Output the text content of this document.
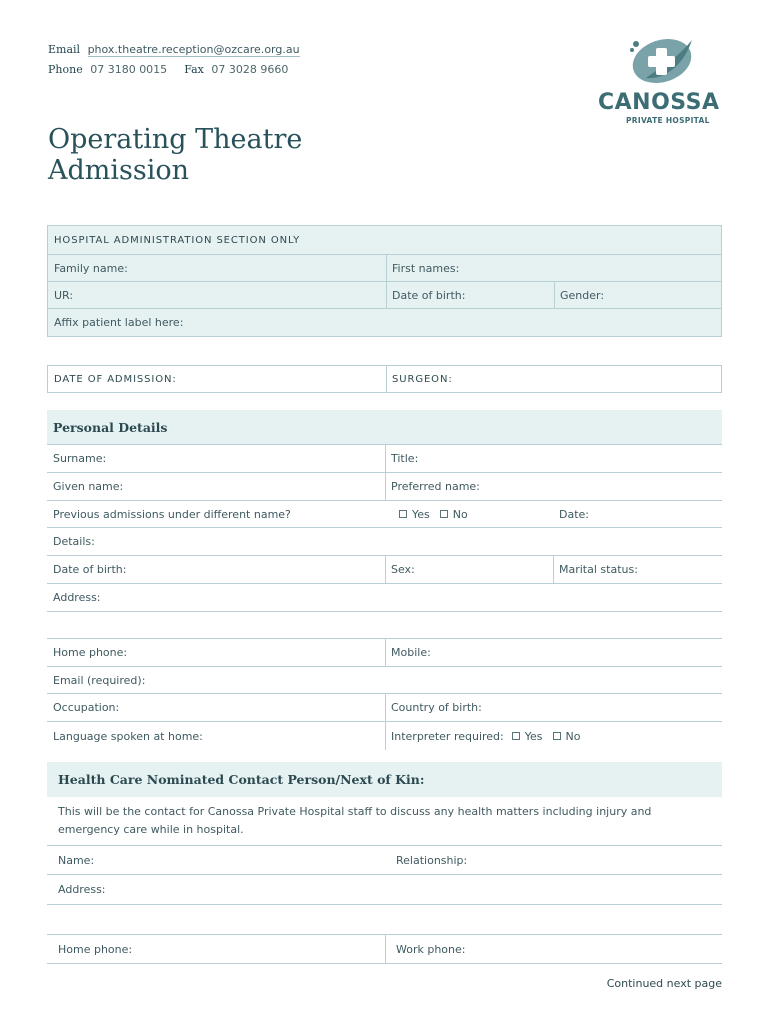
Email phox.theatre.reception@ozcare.org.au
Phone 07 3180 0015 Fax 07 3028 9660
CANOSSA
PRIVATE HOSPITAL
Operating Theatre
Admission
HOSPITAL ADMINISTRATION SECTION ONLY
Family name:	First names:
UR:	Date of birth:	Gender:
Affix patient label here:
DATE OF ADMISSION:	SURGEON:
Personal Details
Surname:	Title:
Given name:	Preferred name:
Previous admissions under different name?	Yes No	Date:
Details:
Date of birth:	Sex:	Marital status:
Address:
Home phone:	Mobile:
Email (required):
Occupation:	Country of birth:
Language spoken at home:	Interpreter required: Yes No
Health Care Nominated Contact Person/Next of Kin:
This will be the contact for Canossa Private Hospital staff to discuss any health matters including injury and emergency care while in hospital.
Name:	Relationship:
Address:
Home phone:	Work phone:
Continued next page
